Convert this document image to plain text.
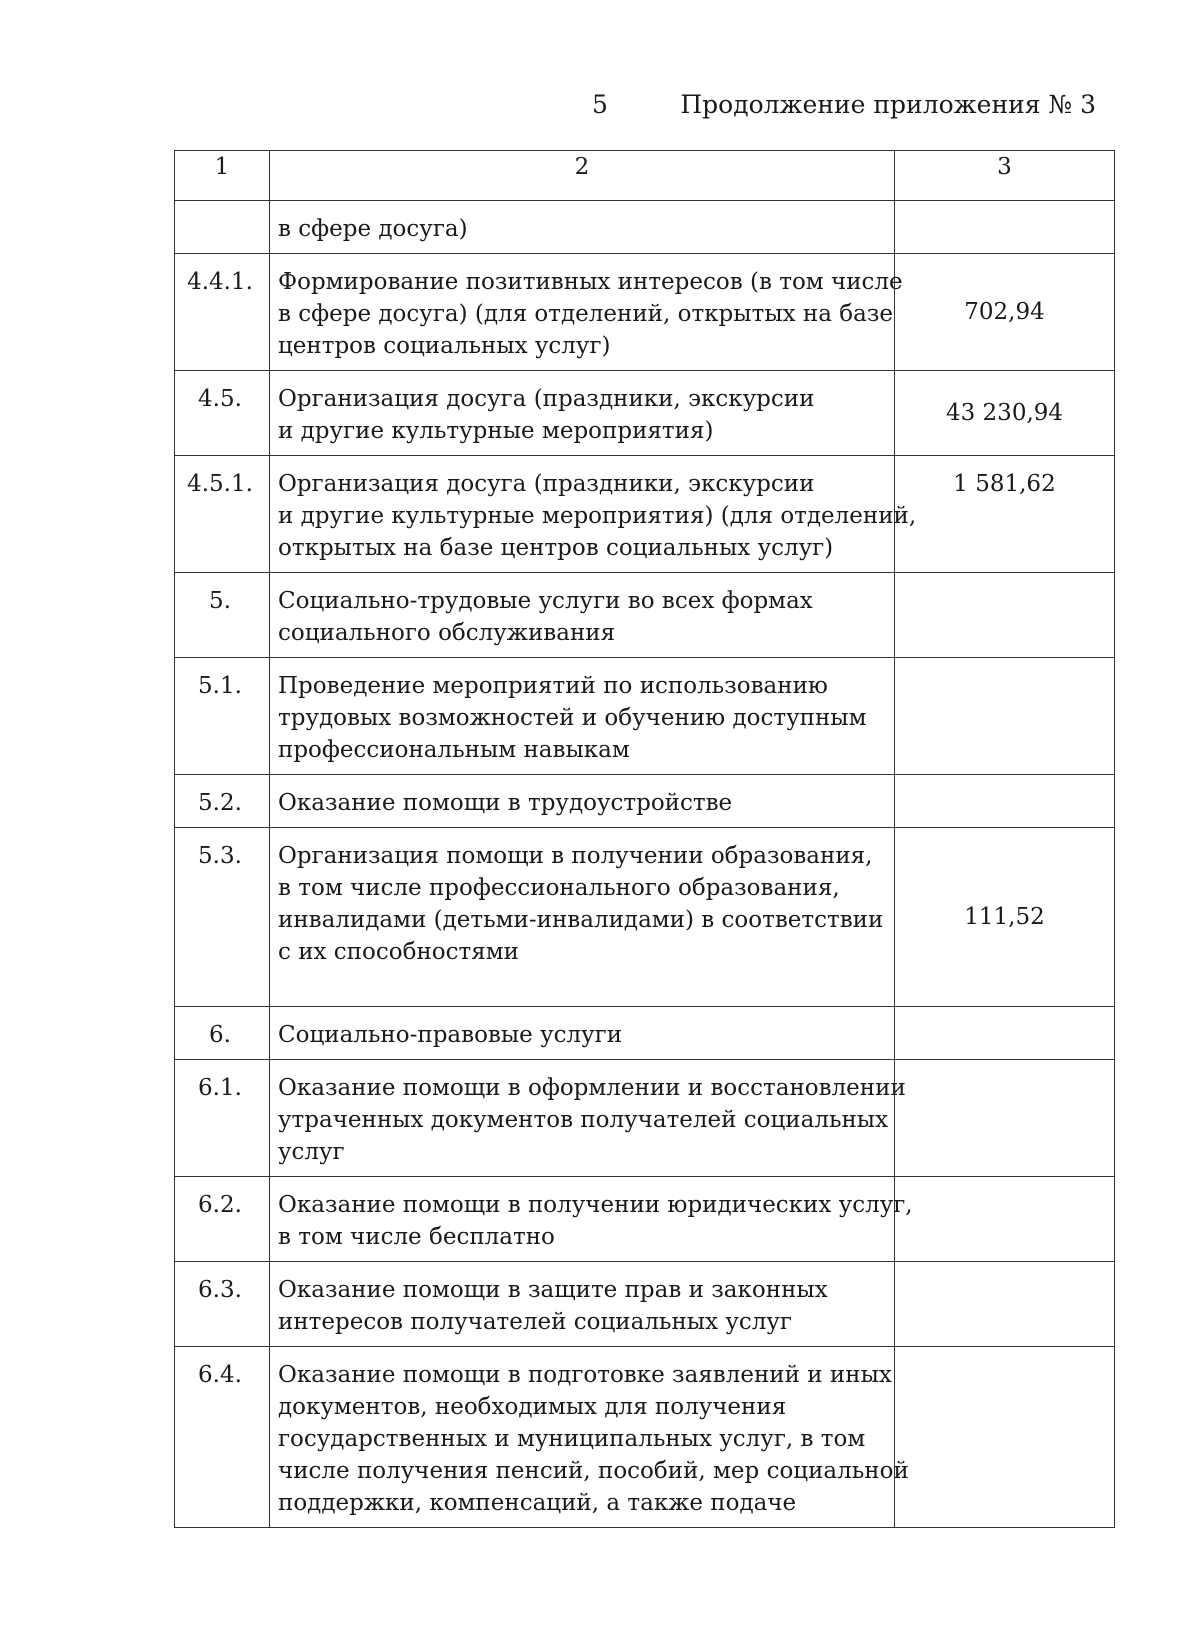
5	Продолжение приложения № 3
1	2	3

	в сфере досуга)	

4.4.1.	Формирование позитивных интересов (в том числе
в сфере досуга) (для отделений, открытых на базе
центров социальных услуг)	702,94
4.5.	Организация досуга (праздники, экскурсии
и другие культурные мероприятия)	43 230,94
4.5.1.	Организация досуга (праздники, экскурсии
и другие культурные мероприятия) (для отделений,
открытых на базе центров социальных услуг)	1 581,62
5.	Социально-трудовые услуги во всех формах
социального обслуживания	

5.1.	Проведение мероприятий по использованию
трудовых возможностей и обучению доступным
профессиональным навыкам	

5.2.	Оказание помощи в трудоустройстве	

5.3.	Организация помощи в получении образования,
в том числе профессионального образования,
инвалидами (детьми-инвалидами) в соответствии
с их способностями	111,52
6.	Социально-правовые услуги	

6.1.	Оказание помощи в оформлении и восстановлении
утраченных документов получателей социальных
услуг	

6.2.	Оказание помощи в получении юридических услуг,
в том числе бесплатно	

6.3.	Оказание помощи в защите прав и законных
интересов получателей социальных услуг	

6.4.	Оказание помощи в подготовке заявлений и иных
документов, необходимых для получения
государственных и муниципальных услуг, в том
числе получения пенсий, пособий, мер социальной
поддержки, компенсаций, а также подаче	
